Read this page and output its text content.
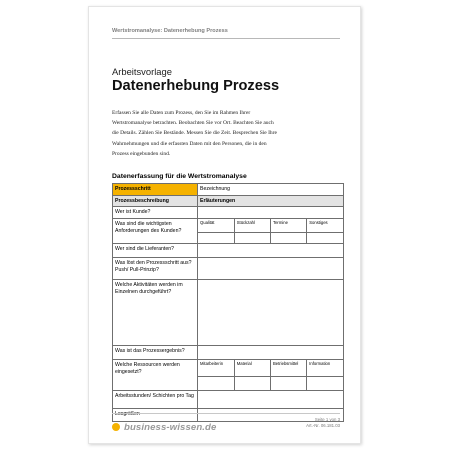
Wertstromanalyse: Datenerhebung Prozess
Arbeitsvorlage
Datenerhebung Prozess
Erfassen Sie alle Daten zum Prozess, den Sie im Rahmen Ihrer
Wertstromanalyse betrachten. Beobachten Sie vor Ort. Beachten Sie auch
die Details. Zählen Sie Bestände. Messen Sie die Zeit. Besprechen Sie Ihre
Wahrnehmungen und die erfassten Daten mit den Personen, die in den
Prozess eingebunden sind.
Datenerfassung für die Wertstromanalyse
Prozessschritt	Bezeichnung
Prozessbeschreibung	Erläuterungen
Wer ist Kunde?	
Was sind die wichtigsten Anforderungen des Kunden?	
Qualität	Stückzahl	Termine	Sonstiges

Wer sind die Lieferanten?	
Was löst den Prozessschritt aus? Push/ Pull-Prinzip?	
Welche Aktivitäten werden im Einzelnen durchgeführt?	
Was ist das Prozessergebnis?	
Welche Ressourcen werden eingesetzt?	
Mitarbeiterin	Material	Betriebsmittel	Information

Arbeitsstunden/ Schichten pro Tag	
Losgrößen	
business-wissen.de
Seite 1 von 3
Art.-Nr. 06.181.03
